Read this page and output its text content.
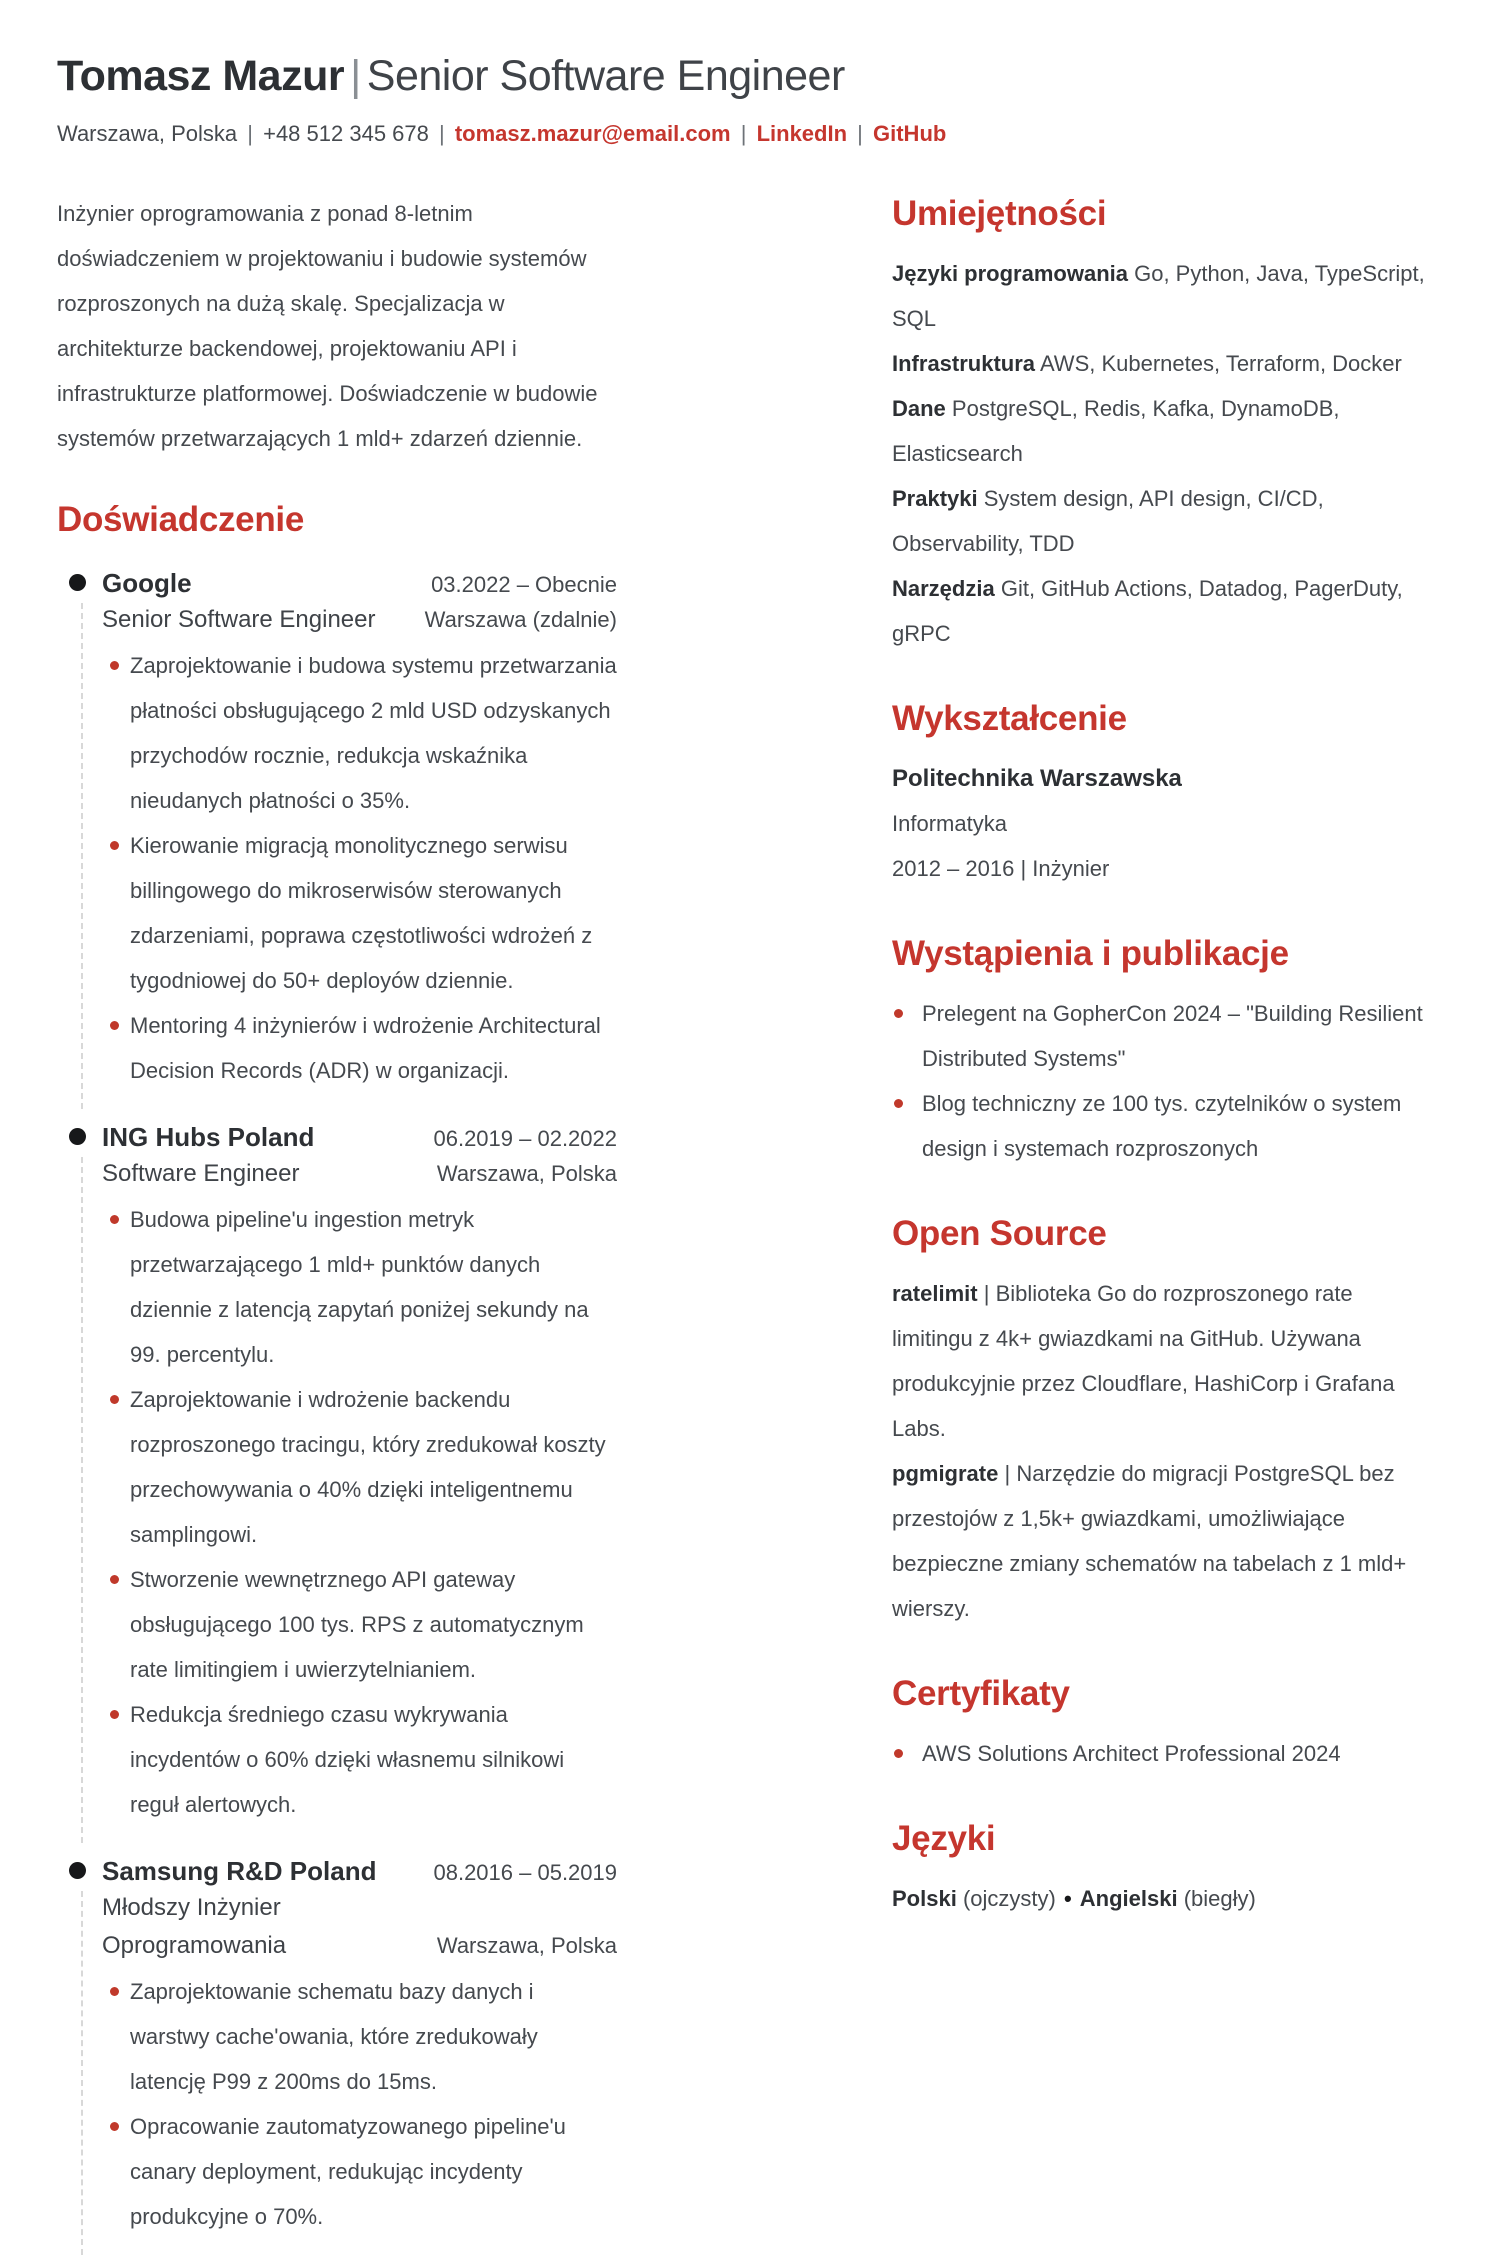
Tomasz Mazur | Senior Software Engineer

Warszawa, Polska | +48 512 345 678 | tomasz.mazur@email.com | LinkedIn | GitHub

Inżynier oprogramowania z ponad 8-letnim doświadczeniem w projektowaniu i budowie systemów rozproszonych na dużą skalę. Specjalizacja w architekturze backendowej, projektowaniu API i infrastrukturze platformowej. Doświadczenie w budowie systemów przetwarzających 1 mld+ zdarzeń dziennie.

Doświadczenie
Google	03.2022 – Obecnie
Senior Software Engineer Warszawa (zdalnie)
Zaprojektowanie i budowa systemu przetwarzania płatności obsługującego 2 mld USD odzyskanych przychodów rocznie, redukcja wskaźnika nieudanych płatności o 35%.
Kierowanie migracją monolitycznego serwisu billingowego do mikroserwisów sterowanych zdarzeniami, poprawa częstotliwości wdrożeń z tygodniowej do 50+ deployów dziennie.
Mentoring 4 inżynierów i wdrożenie Architectural Decision Records (ADR) w organizacji.
ING Hubs Poland	06.2019 – 02.2022
Software Engineer	Warszawa, Polska
Budowa pipeline'u ingestion metryk przetwarzającego 1 mld+ punktów danych dziennie z latencją zapytań poniżej sekundy na 99. percentylu.
Zaprojektowanie i wdrożenie backendu rozproszonego tracingu, który zredukował koszty przechowywania o 40% dzięki inteligentnemu samplingowi.
Stworzenie wewnętrznego API gateway obsługującego 100 tys. RPS z automatycznym rate limitingiem i uwierzytelnianiem.
Redukcja średniego czasu wykrywania incydentów o 60% dzięki własnemu silnikowi reguł alertowych.
Samsung R&D Poland	08.2016 – 05.2019
Młodszy Inżynier Oprogramowania	Warszawa, Polska
Zaprojektowanie schematu bazy danych i warstwy cache'owania, które zredukowały latencję P99 z 200ms do 15ms.
Opracowanie zautomatyzowanego pipeline'u canary deployment, redukując incydenty produkcyjne o 70%.
Umiejętności

Języki programowania Go, Python, Java, TypeScript, SQL

Infrastruktura AWS, Kubernetes, Terraform, Docker

Dane PostgreSQL, Redis, Kafka, DynamoDB, Elasticsearch

Praktyki System design, API design, CI/CD, Observability, TDD

Narzędzia Git, GitHub Actions, Datadog, PagerDuty, gRPC

Wykształcenie
Politechnika Warszawska
Informatyka
2012 – 2016 | Inżynier
Wystąpienia i publikacje
Prelegent na GopherCon 2024 – "Building Resilient Distributed Systems"
Blog techniczny ze 100 tys. czytelników o system design i systemach rozproszonych
Open Source

ratelimit | Biblioteka Go do rozproszonego rate limitingu z 4k+ gwiazdkami na GitHub. Używana produkcyjnie przez Cloudflare, HashiCorp i Grafana Labs.

pgmigrate | Narzędzie do migracji PostgreSQL bez przestojów z 1,5k+ gwiazdkami, umożliwiające bezpieczne zmiany schematów na tabelach z 1 mld+ wierszy.

Certyfikaty
AWS Solutions Architect Professional 2024
Języki

Polski (ojczysty) • Angielski (biegły)
